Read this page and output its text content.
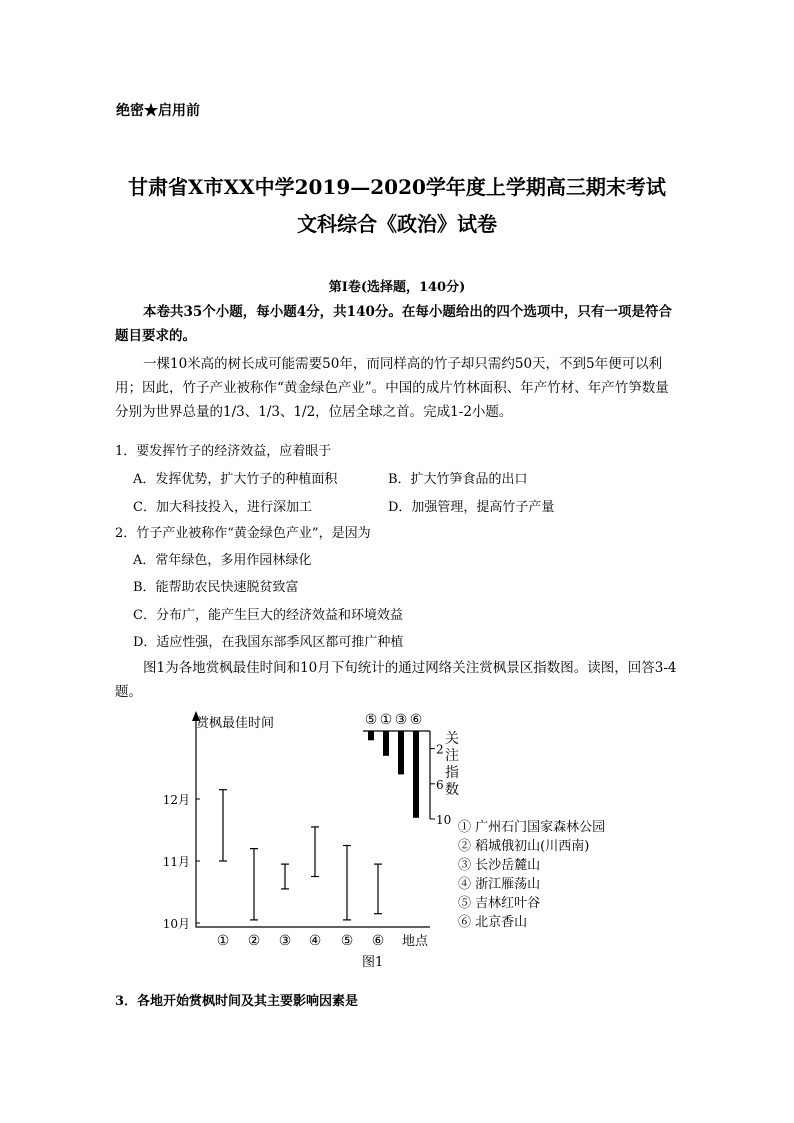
绝密★启用前
甘肃省X市XX中学2019—2020学年度上学期高三期末考试
文科综合《政治》试卷
第Ⅰ卷(选择题，140分)
本卷共35个小题，每小题4分，共140分。在每小题给出的四个选项中，只有一项是符合题目要求的。
一棵10米高的树长成可能需要50年，而同样高的竹子却只需约50天，不到5年便可以利用；因此，竹子产业被称作“黄金绿色产业”。中国的成片竹林面积、年产竹材、年产竹笋数量分别为世界总量的1/3、1/3、1/2，位居全球之首。完成1-2小题。
1．要发挥竹子的经济效益，应着眼于
A．发挥优势，扩大竹子的种植面积	B．扩大竹笋食品的出口
C．加大科技投入，进行深加工	D．加强管理，提高竹子产量
2．竹子产业被称作“黄金绿色产业”，是因为
A．常年绿色，多用作园林绿化
B．能帮助农民快速脱贫致富
C．分布广，能产生巨大的经济效益和环境效益
D．适应性强，在我国东部季风区都可推广种植
图1为各地赏枫最佳时间和10月下旬统计的通过网络关注赏枫景区指数图。读图，回答3-4题。
赏枫最佳时间
10月
11月
12月
① ② ③ ④ ⑤ ⑥ 地点
图1
⑤ ① ③ ⑥
2
6
10
关
注
指
数
① 广州石门国家森林公园
② 稻城俄初山(川西南)
③ 长沙岳麓山
④ 浙江雁荡山
⑤ 吉林红叶谷
⑥ 北京香山
3．各地开始赏枫时间及其主要影响因素是
